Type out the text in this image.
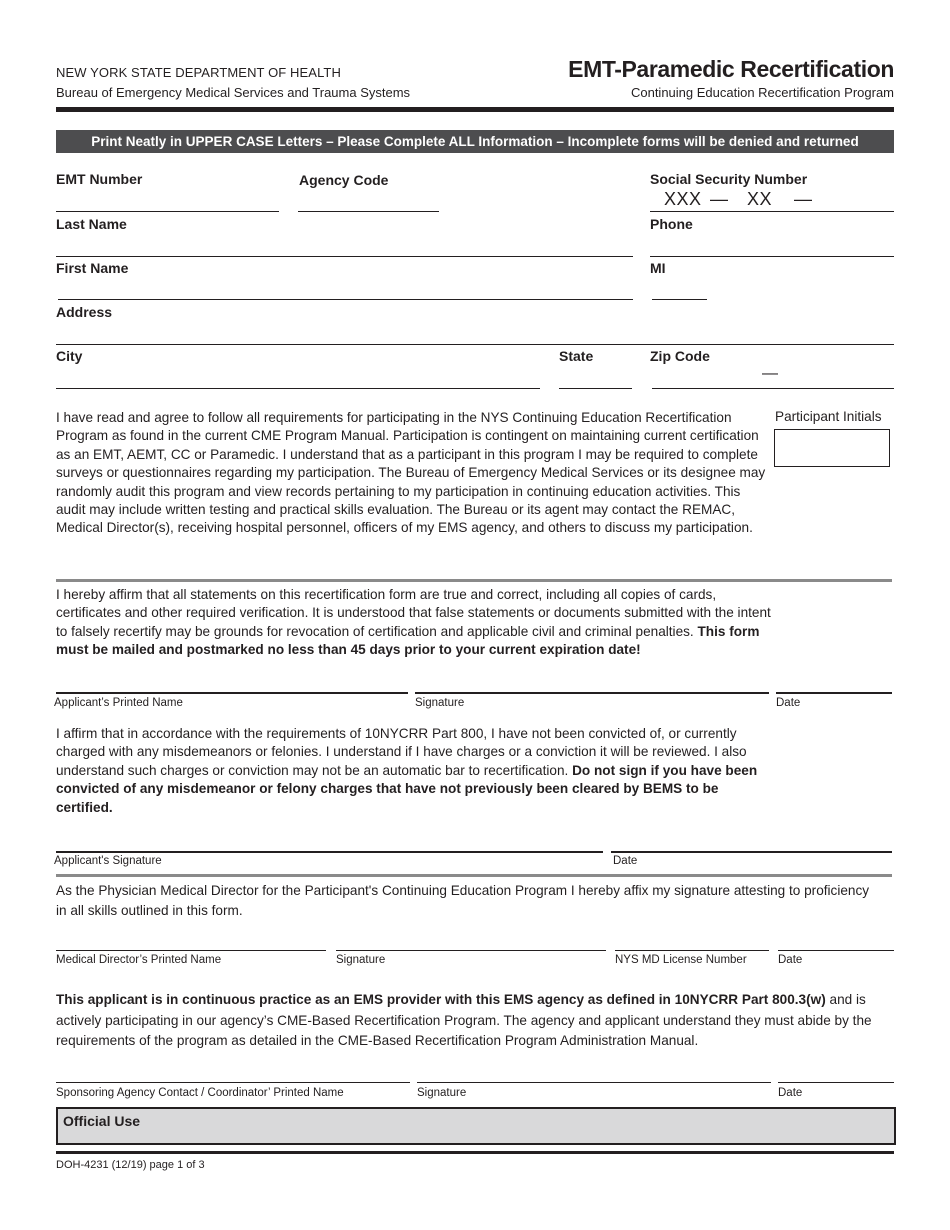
NEW YORK STATE DEPARTMENT OF HEALTH
Bureau of Emergency Medical Services and Trauma Systems
EMT-Paramedic Recertification
Continuing Education Recertification Program
Print Neatly in UPPER CASE Letters – Please Complete ALL Information – Incomplete forms will be denied and returned
EMT Number	Agency Code	Social Security Number
XXX — XX —
Last Name	Phone
First Name	MI
Address
City	State	Zip Code
—
I have read and agree to follow all requirements for participating in the NYS Continuing Education Recertification Program as found in the current CME Program Manual. Participation is contingent on maintaining current certification as an EMT, AEMT, CC or Paramedic. I understand that as a participant in this program I may be required to complete surveys or questionnaires regarding my participation. The Bureau of Emergency Medical Services or its designee may randomly audit this program and view records pertaining to my participation in continuing education activities. This audit may include written testing and practical skills evaluation. The Bureau or its agent may contact the REMAC, Medical Director(s), receiving hospital personnel, officers of my EMS agency, and others to discuss my participation.
Participant Initials
I hereby affirm that all statements on this recertification form are true and correct, including all copies of cards, certificates and other required verification. It is understood that false statements or documents submitted with the intent to falsely recertify may be grounds for revocation of certification and applicable civil and criminal penalties. This form must be mailed and postmarked no less than 45 days prior to your current expiration date!
Applicant’s Printed Name	Signature	Date
I affirm that in accordance with the requirements of 10NYCRR Part 800, I have not been convicted of, or currently charged with any misdemeanors or felonies. I understand if I have charges or a conviction it will be reviewed. I also understand such charges or conviction may not be an automatic bar to recertification. Do not sign if you have been convicted of any misdemeanor or felony charges that have not previously been cleared by BEMS to be certified.
Applicant's Signature	Date
As the Physician Medical Director for the Participant's Continuing Education Program I hereby affix my signature attesting to proficiency in all skills outlined in this form.
Medical Director’s Printed Name	Signature	NYS MD License Number	Date
This applicant is in continuous practice as an EMS provider with this EMS agency as defined in 10NYCRR Part 800.3(w) and is actively participating in our agency’s CME-Based Recertification Program. The agency and applicant understand they must abide by the requirements of the program as detailed in the CME-Based Recertification Program Administration Manual.
Sponsoring Agency Contact / Coordinator’ Printed Name	Signature	Date
Official Use
DOH-4231 (12/19) page 1 of 3
